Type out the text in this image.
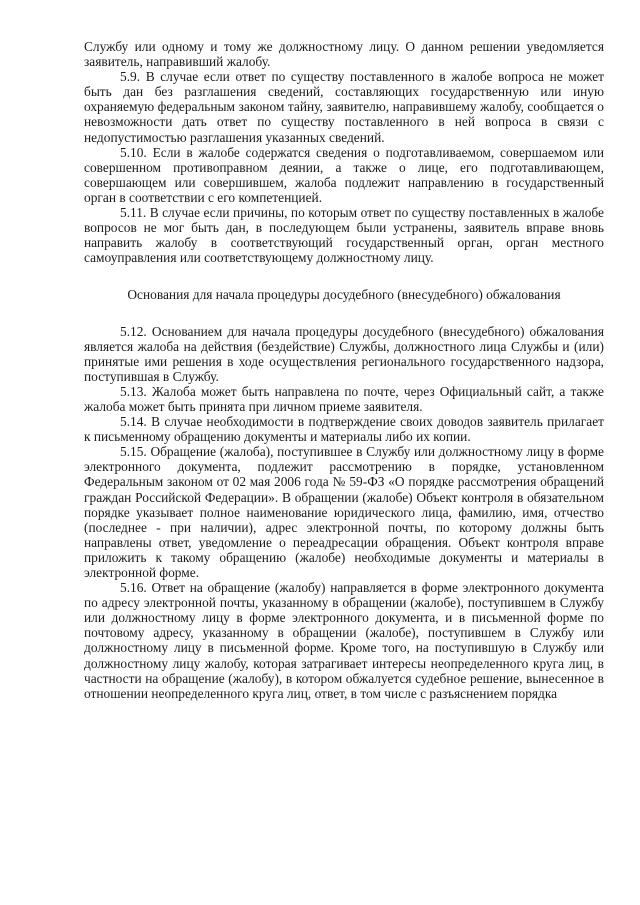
Службу или одному и тому же должностному лицу. О данном решении уведомляется заявитель, направивший жалобу.

5.9. В случае если ответ по существу поставленного в жалобе вопроса не может быть дан без разглашения сведений, составляющих государственную или иную охраняемую федеральным законом тайну, заявителю, направившему жалобу, сообщается о невозможности дать ответ по существу поставленного в ней вопроса в связи с недопустимостью разглашения указанных сведений.

5.10. Если в жалобе содержатся сведения о подготавливаемом, совершаемом или совершенном противоправном деянии, а также о лице, его подготавливающем, совершающем или совершившем, жалоба подлежит направлению в государственный орган в соответствии с его компетенцией.

5.11. В случае если причины, по которым ответ по существу поставленных в жалобе вопросов не мог быть дан, в последующем были устранены, заявитель вправе вновь направить жалобу в соответствующий государственный орган, орган местного самоуправления или соответствующему должностному лицу.

Основания для начала процедуры досудебного (внесудебного) обжалования

5.12. Основанием для начала процедуры досудебного (внесудебного) обжалования является жалоба на действия (бездействие) Службы, должностного лица Службы и (или) принятые ими решения в ходе осуществления регионального государственного надзора, поступившая в Службу.

5.13. Жалоба может быть направлена по почте, через Официальный сайт, а также жалоба может быть принята при личном приеме заявителя.

5.14. В случае необходимости в подтверждение своих доводов заявитель прилагает к письменному обращению документы и материалы либо их копии.

5.15. Обращение (жалоба), поступившее в Службу или должностному лицу в форме электронного документа, подлежит рассмотрению в порядке, установленном Федеральным законом от 02 мая 2006 года № 59-ФЗ «О порядке рассмотрения обращений граждан Российской Федерации». В обращении (жалобе) Объект контроля в обязательном порядке указывает полное наименование юридического лица, фамилию, имя, отчество (последнее - при наличии), адрес электронной почты, по которому должны быть направлены ответ, уведомление о переадресации обращения. Объект контроля вправе приложить к такому обращению (жалобе) необходимые документы и материалы в электронной форме.

5.16. Ответ на обращение (жалобу) направляется в форме электронного документа по адресу электронной почты, указанному в обращении (жалобе), поступившем в Службу или должностному лицу в форме электронного документа, и в письменной форме по почтовому адресу, указанному в обращении (жалобе), поступившем в Службу или должностному лицу в письменной форме. Кроме того, на поступившую в Службу или должностному лицу жалобу, которая затрагивает интересы неопределенного круга лиц, в частности на обращение (жалобу), в котором обжалуется судебное решение, вынесенное в отношении неопределенного круга лиц, ответ, в том числе с разъяснением порядка
